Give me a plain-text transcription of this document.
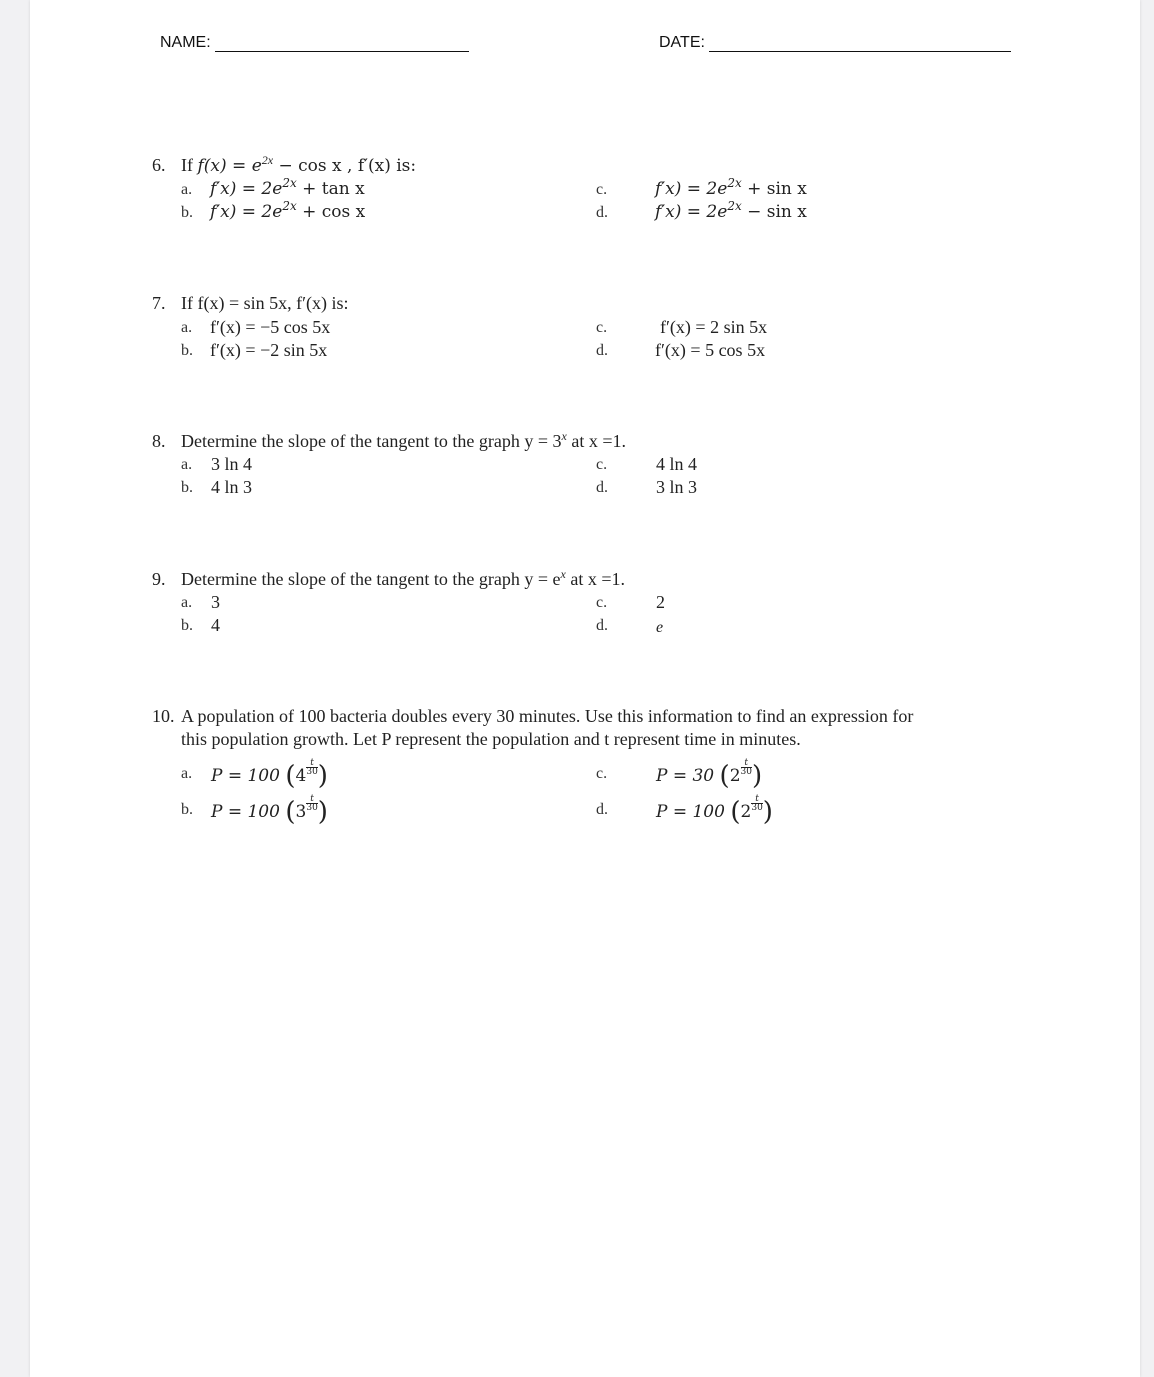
NAME:	DATE:
6. If $f(x) = e^{2x} - \cos x$ , f′(x) is:
a. $f'x) = 2e^{2x} + \tan x$
b. $f'x) = 2e^{2x} + \cos x$
c.	$f'x) = 2e^{2x} + \sin x$
d.	$f'x) = 2e^{2x} - \sin x$
7. If f(x) = sin 5x, f′(x) is:
a. f′(x) = −5 cos 5x
b. f′(x) = −2 sin 5x
c.	f′(x) = 2 sin 5x
d.	f′(x) = 5 cos 5x
8. Determine the slope of the tangent to the graph $y = 3^x$ at x =1.
a. 3 ln 4
b. 4 ln 3
c.	4 ln 4
d.	3 ln 3
9. Determine the slope of the tangent to the graph $y = e^x$ at x =1.
a. 3
b. 4
c.	2
d.	e
10. A population of 100 bacteria doubles every 30 minutes. Use this information to find an expression for
this population growth. Let P represent the population and t represent time in minutes.
a. P = 100 ($4\frac{t}{30}$ )
b. P = 100 ($3\frac{t}{30}$ )
c.	P = 30 ($2\frac{t}{30}$ )
d.	P = 100 ($2\frac{t}{30}$ )
